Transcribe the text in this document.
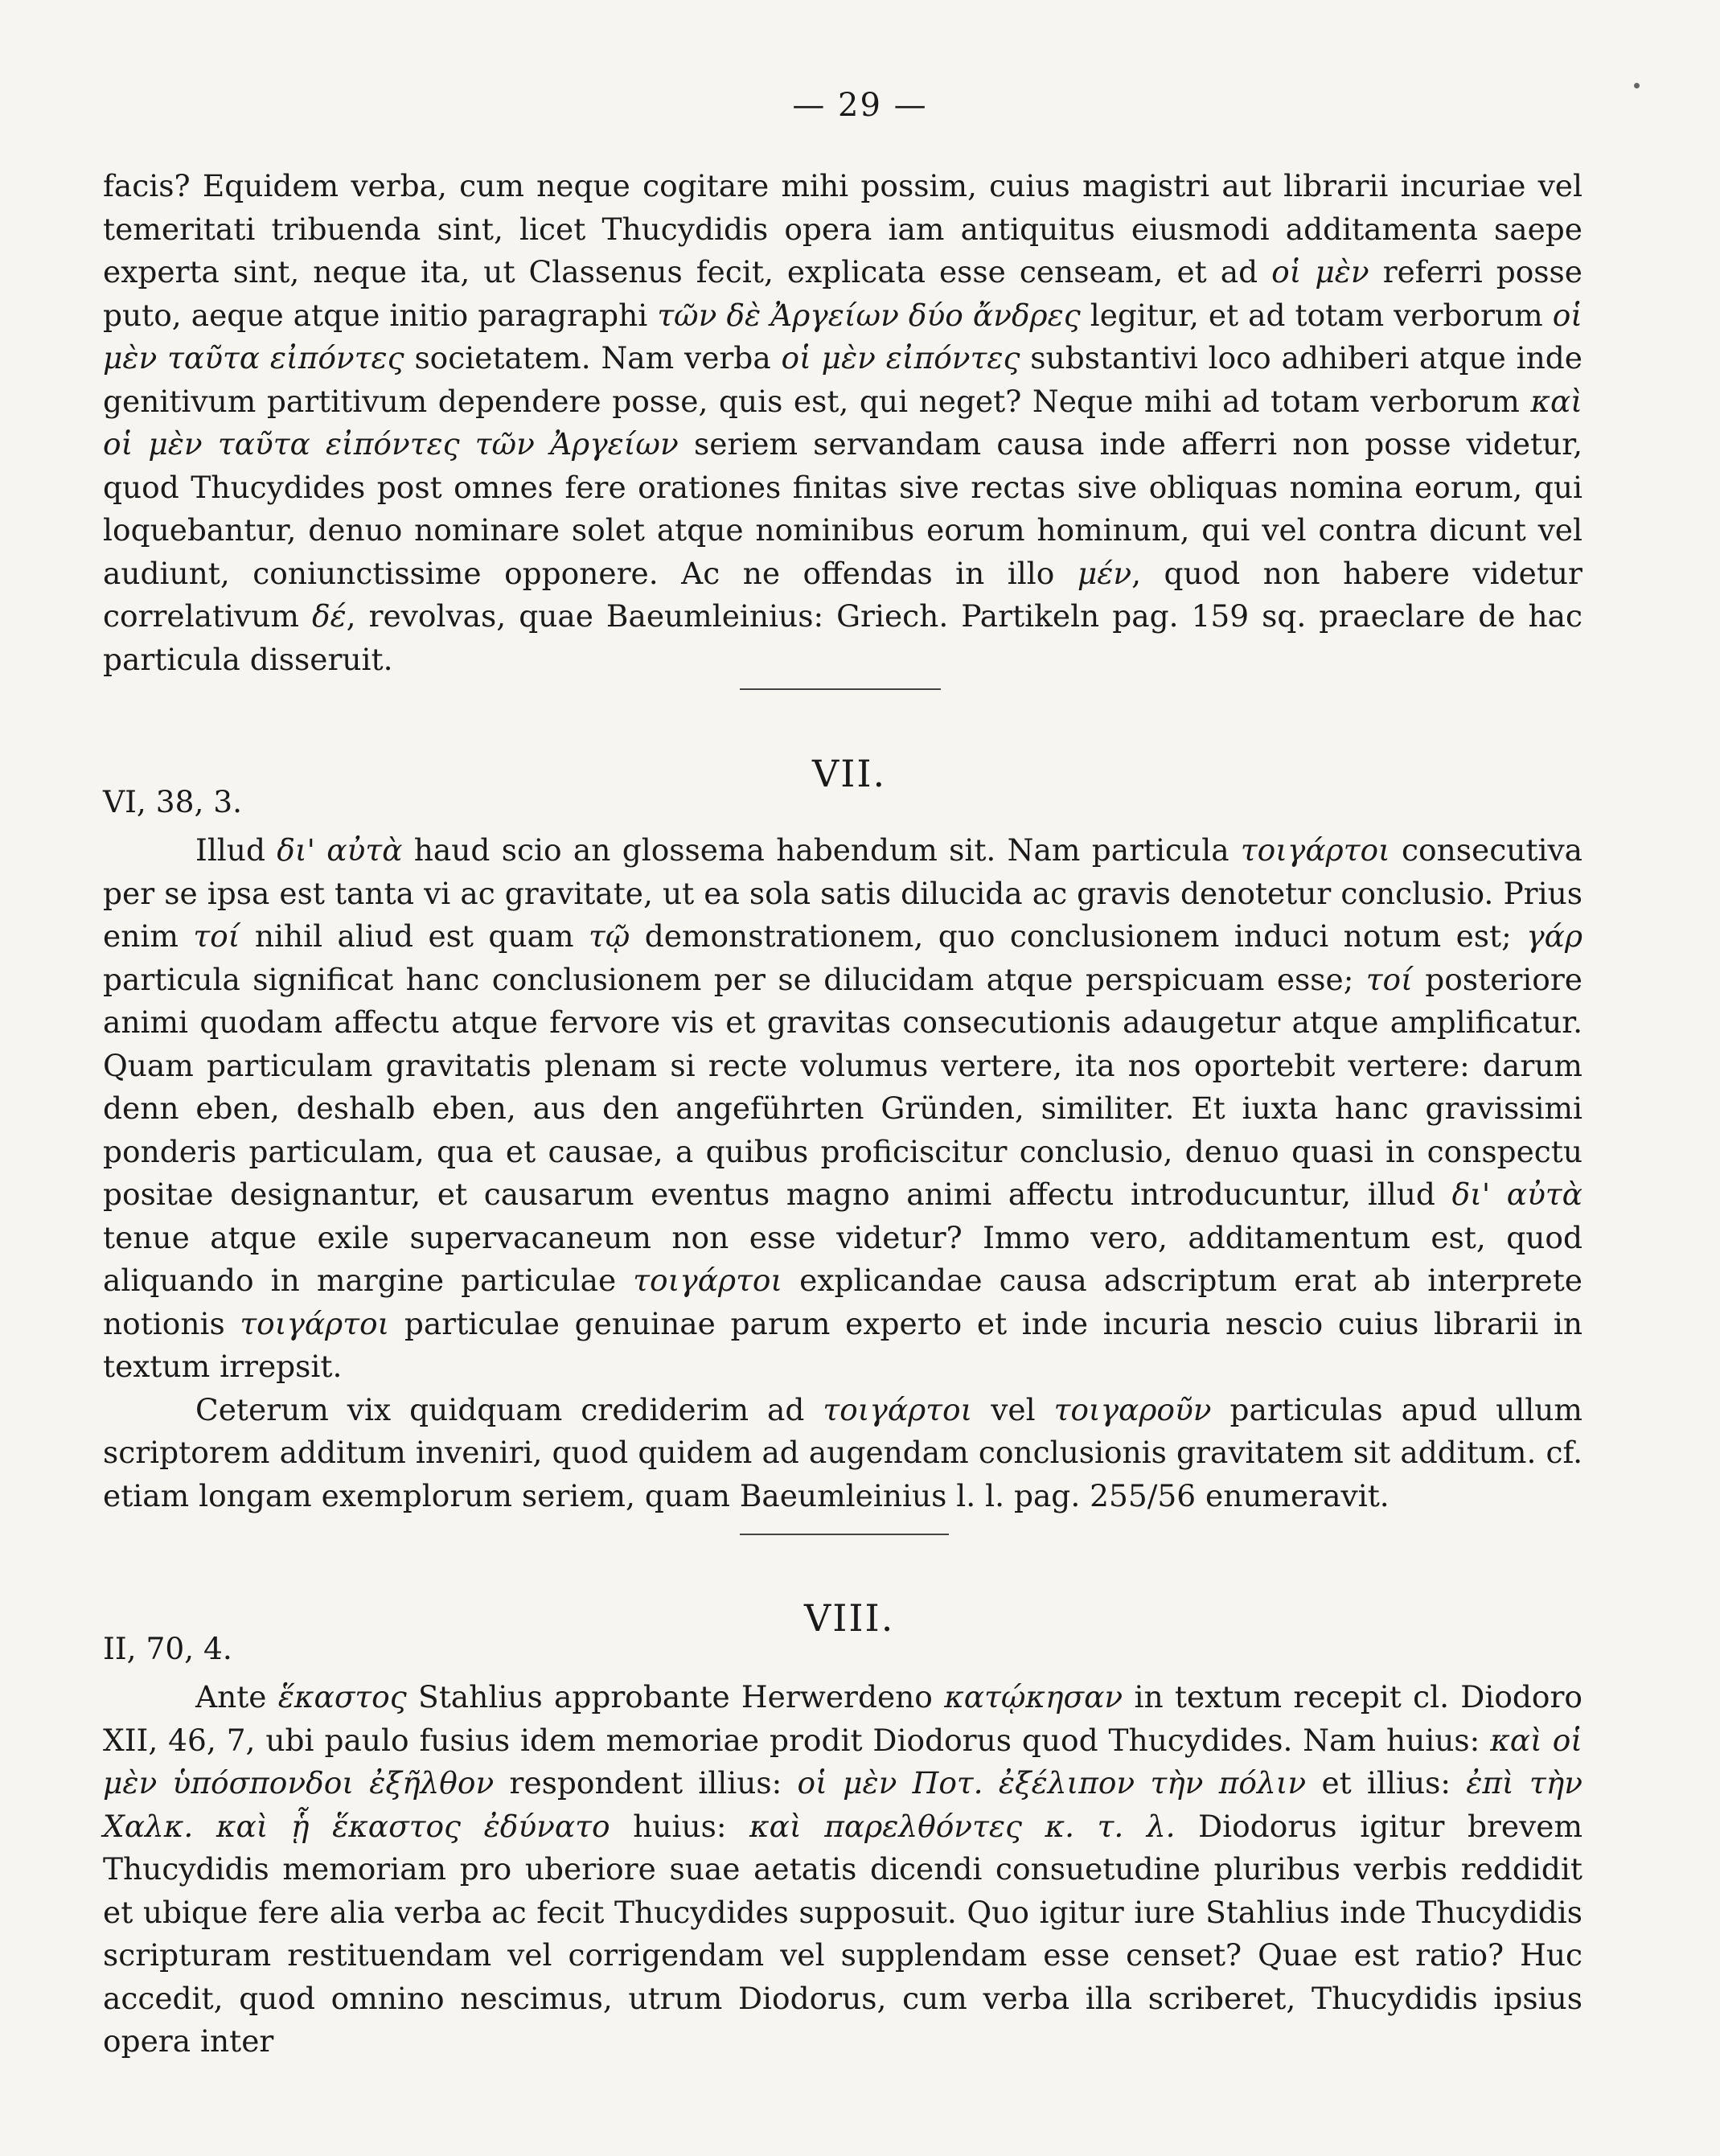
— 29 —

facis? Equidem verba, cum neque cogitare mihi possim, cuius magistri aut librarii incuriae vel temeritati tribuenda sint, licet Thucydidis opera iam antiquitus eiusmodi additamenta saepe experta sint, neque ita, ut Classenus fecit, explicata esse censeam, et ad οἱ μὲν referri posse puto, aeque atque initio paragraphi τῶν δὲ Ἀργείων δύο ἄνδρες legitur, et ad totam verborum οἱ μὲν ταῦτα εἰπόντες societatem. Nam verba οἱ μὲν εἰπόντες substantivi loco adhiberi atque inde genitivum partitivum dependere posse, quis est, qui neget? Neque mihi ad totam verborum καὶ οἱ μὲν ταῦτα εἰπόντες τῶν Ἀργείων seriem servandam causa inde afferri non posse videtur, quod Thucydides post omnes fere orationes finitas sive rectas sive obliquas nomina eorum, qui loquebantur, denuo nominare solet atque nominibus eorum hominum, qui vel contra dicunt vel audiunt, coniunctissime opponere. Ac ne offendas in illo μέν, quod non habere videtur correlativum δέ, revolvas, quae Baeumleinius: Griech. Partikeln pag. 159 sq. praeclare de hac particula disseruit.

VII.
VI, 38, 3.

Illud δι' αὐτὰ haud scio an glossema habendum sit. Nam particula τοιγάρτοι consecutiva per se ipsa est tanta vi ac gravitate, ut ea sola satis dilucida ac gravis denotetur conclusio. Prius enim τοί nihil aliud est quam τῷ demonstrationem, quo conclusionem induci notum est; γάρ particula significat hanc conclusionem per se dilucidam atque perspicuam esse; τοί posteriore animi quodam affectu atque fervore vis et gravitas consecutionis adaugetur atque amplificatur. Quam particulam gravitatis plenam si recte volumus vertere, ita nos oportebit vertere: darum denn eben, deshalb eben, aus den angeführten Gründen, similiter. Et iuxta hanc gravissimi ponderis particulam, qua et causae, a quibus proficiscitur conclusio, denuo quasi in conspectu positae designantur, et causarum eventus magno animi affectu introducuntur, illud δι' αὐτὰ tenue atque exile supervacaneum non esse videtur? Immo vero, additamentum est, quod aliquando in margine particulae τοιγάρτοι explicandae causa adscriptum erat ab interprete notionis τοιγάρτοι particulae genuinae parum experto et inde incuria nescio cuius librarii in textum irrepsit.

Ceterum vix quidquam crediderim ad τοιγάρτοι vel τοιγαροῦν particulas apud ullum scriptorem additum inveniri, quod quidem ad augendam conclusionis gravitatem sit additum. cf. etiam longam exemplorum seriem, quam Baeumleinius l. l. pag. 255/56 enumeravit.

VIII.
II, 70, 4.

Ante ἕκαστος Stahlius approbante Herwerdeno κατῴκησαν in textum recepit cl. Diodoro XII, 46, 7, ubi paulo fusius idem memoriae prodit Diodorus quod Thucydides. Nam huius: καὶ οἱ μὲν ὑπόσπονδοι ἐξῆλθον respondent illius: οἱ μὲν Ποτ. ἐξέλιπον τὴν πόλιν et illius: ἐπὶ τὴν Χαλκ. καὶ ᾗ ἕκαστος ἐδύνατο huius: καὶ παρελθόντες κ. τ. λ. Diodorus igitur brevem Thucydidis memoriam pro uberiore suae aetatis dicendi consuetudine pluribus verbis reddidit et ubique fere alia verba ac fecit Thucydides supposuit. Quo igitur iure Stahlius inde Thucydidis scripturam restituendam vel corrigendam vel supplendam esse censet? Quae est ratio? Huc accedit, quod omnino nescimus, utrum Diodorus, cum verba illa scriberet, Thucydidis ipsius opera inter
